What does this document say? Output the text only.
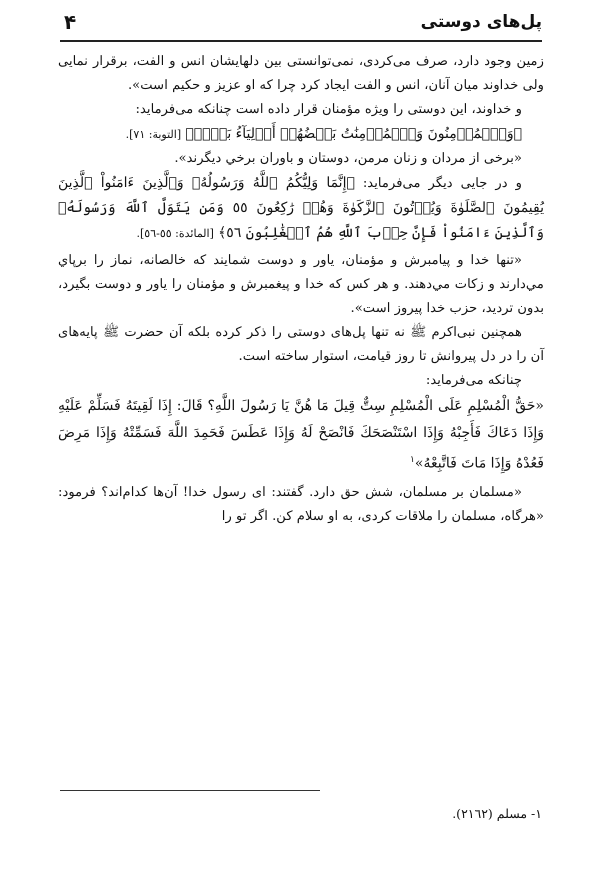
پل‌های دوستی
۴

زمین وجود دارد، صرف می‌کردی، نمی‌توانستی بین دلهایشان انس و الفت، برقرار نمایی ولی خداوند میان آنان، انس و الفت ایجاد کرد چرا که او عزیز و حکیم است».

و خداوند، این دوستی را ویژه مؤمنان قرار داده است چنانکه می‌فرماید:

﴿وَٱلۡمُؤۡمِنُونَ وَٱلۡمُؤۡمِنَٰتُ بَعۡضُهُمۡ أَوۡلِيَآءُ بَعۡضٖ﴾ [التوبة: ٧١].

«برخی از مردان و زنان مرمن، دوستان و باوران برخي ديگرند».

و در جایی دیگر می‌فرماید: ﴿إِنَّمَا وَلِيُّكُمُ ٱللَّهُ وَرَسُولُهُۥ وَٱلَّذِينَ ءَامَنُواْ ٱلَّذِينَ يُقِيمُونَ ٱلصَّلَوٰةَ وَيُؤۡتُونَ ٱلزَّكَوٰةَ وَهُمۡ رَٰكِعُونَ ٥٥ وَمَن يَتَوَلَّ ٱللَّهَ وَرَسُولَهُۥ وَٱلَّذِينَ ءَامَنُواْ فَإِنَّ حِزۡبَ ٱللَّهِ هُمُ ٱلۡغَٰلِبُونَ ٥٦﴾ [المائدة: ٥٥-٥٦].

«تنها خدا و پیامبرش و مؤمنان، یاور و دوست شمایند که خالصانه، نماز را برپاي مي‌دارند و زكات مي‌دهند. و هر كس كه خدا و پيغمبرش و مؤمنان را یاور و دوست بگیرد، بدون تردید، حزب خدا پیروز است».

همچنین نبی‌اکرم ﷺ نه تنها پل‌های دوستی را ذکر کرده بلکه آن حضرت ﷺ پایه‌های آن را در دل پیروانش تا روز قیامت، استوار ساخته است.

چنانکه می‌فرماید:

«حَقُّ الْمُسْلِمِ عَلَى الْمُسْلِمِ سِتٌّ قِيلَ مَا هُنَّ يَا رَسُولَ اللَّهِ؟ قَالَ: إِذَا لَقِيتَهُ فَسَلِّمْ عَلَيْهِ وَإِذَا دَعَاكَ فَأَجِبْهُ وَإِذَا اسْتَنْصَحَكَ فَانْصَحْ لَهُ وَإِذَا عَطَسَ فَحَمِدَ اللَّهَ فَسَمِّتْهُ وَإِذَا مَرِضَ فَعُدْهُ وَإِذَا مَاتَ فَاتَّبِعْهُ»$^١$

«مسلمان بر مسلمان، شش حق دارد. گفتند: ای رسول خدا! آن‌ها کدام‌اند؟ فرمود: «هرگاه، مسلمان را ملاقات کردی، به او سلام کن. اگر تو را

١- مسلم (٢١٦٢).
